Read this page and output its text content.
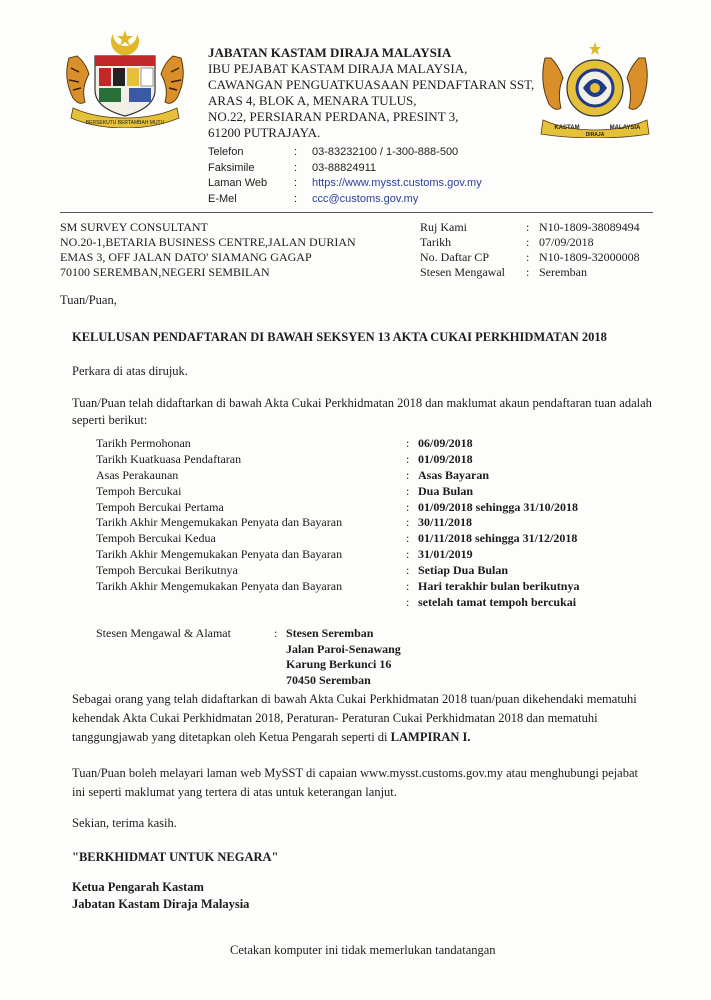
BERSEKUTU BERTAMBAH MUTU
KASTAM	MALAYSIA
DIRAJA
JABATAN KASTAM DIRAJA MALAYSIA
IBU PEJABAT KASTAM DIRAJA MALAYSIA,
CAWANGAN PENGUATKUASAAN PENDAFTARAN SST,
ARAS 4, BLOK A, MENARA TULUS,
NO.22, PERSIARAN PERDANA, PRESINT 3,
61200 PUTRAJAYA.
Telefon	:	03-83232100 / 1-300-888-500
Faksimile	:	03-88824911
Laman Web	:	https://www.mysst.customs.gov.my
E-Mel	:	ccc@customs.gov.my
SM SURVEY CONSULTANT
NO.20-1,BETARIA BUSINESS CENTRE,JALAN DURIAN
EMAS 3, OFF JALAN DATO' SIAMANG GAGAP
70100 SEREMBAN,NEGERI SEMBILAN
Ruj Kami	: N10-1809-38089494
Tarikh	: 07/09/2018
No. Daftar CP	: N10-1809-32000008
Stesen Mengawal	: Seremban
Tuan/Puan,
KELULUSAN PENDAFTARAN DI BAWAH SEKSYEN 13 AKTA CUKAI PERKHIDMATAN 2018
Perkara di atas dirujuk.
Tuan/Puan telah didaftarkan di bawah Akta Cukai Perkhidmatan 2018 dan maklumat akaun pendaftaran tuan adalah
seperti berikut:
Tarikh Permohonan	: 06/09/2018
Tarikh Kuatkuasa Pendaftaran	: 01/09/2018
Asas Perakaunan	: Asas Bayaran
Tempoh Bercukai	: Dua Bulan
Tempoh Bercukai Pertama	: 01/09/2018 sehingga 31/10/2018
Tarikh Akhir Mengemukakan Penyata dan Bayaran	: 30/11/2018
Tempoh Bercukai Kedua	: 01/11/2018 sehingga 31/12/2018
Tarikh Akhir Mengemukakan Penyata dan Bayaran	: 31/01/2019
Tempoh Bercukai Berikutnya	: Setiap Dua Bulan
Tarikh Akhir Mengemukakan Penyata dan Bayaran	: Hari terakhir bulan berikutnya
: setelah tamat tempoh bercukai
Stesen Mengawal & Alamat	: Stesen Seremban
Jalan Paroi-Senawang
Karung Berkunci 16
70450 Seremban
Sebagai orang yang telah didaftarkan di bawah Akta Cukai Perkhidmatan 2018 tuan/puan dikehendaki mematuhi
kehendak Akta Cukai Perkhidmatan 2018, Peraturan- Peraturan Cukai Perkhidmatan 2018 dan mematuhi
tanggungjawab yang ditetapkan oleh Ketua Pengarah seperti di LAMPIRAN I.
Tuan/Puan boleh melayari laman web MySST di capaian www.mysst.customs.gov.my atau menghubungi pejabat
ini seperti maklumat yang tertera di atas untuk keterangan lanjut.
Sekian, terima kasih.
"BERKHIDMAT UNTUK NEGARA"
Ketua Pengarah Kastam
Jabatan Kastam Diraja Malaysia
Cetakan komputer ini tidak memerlukan tandatangan
